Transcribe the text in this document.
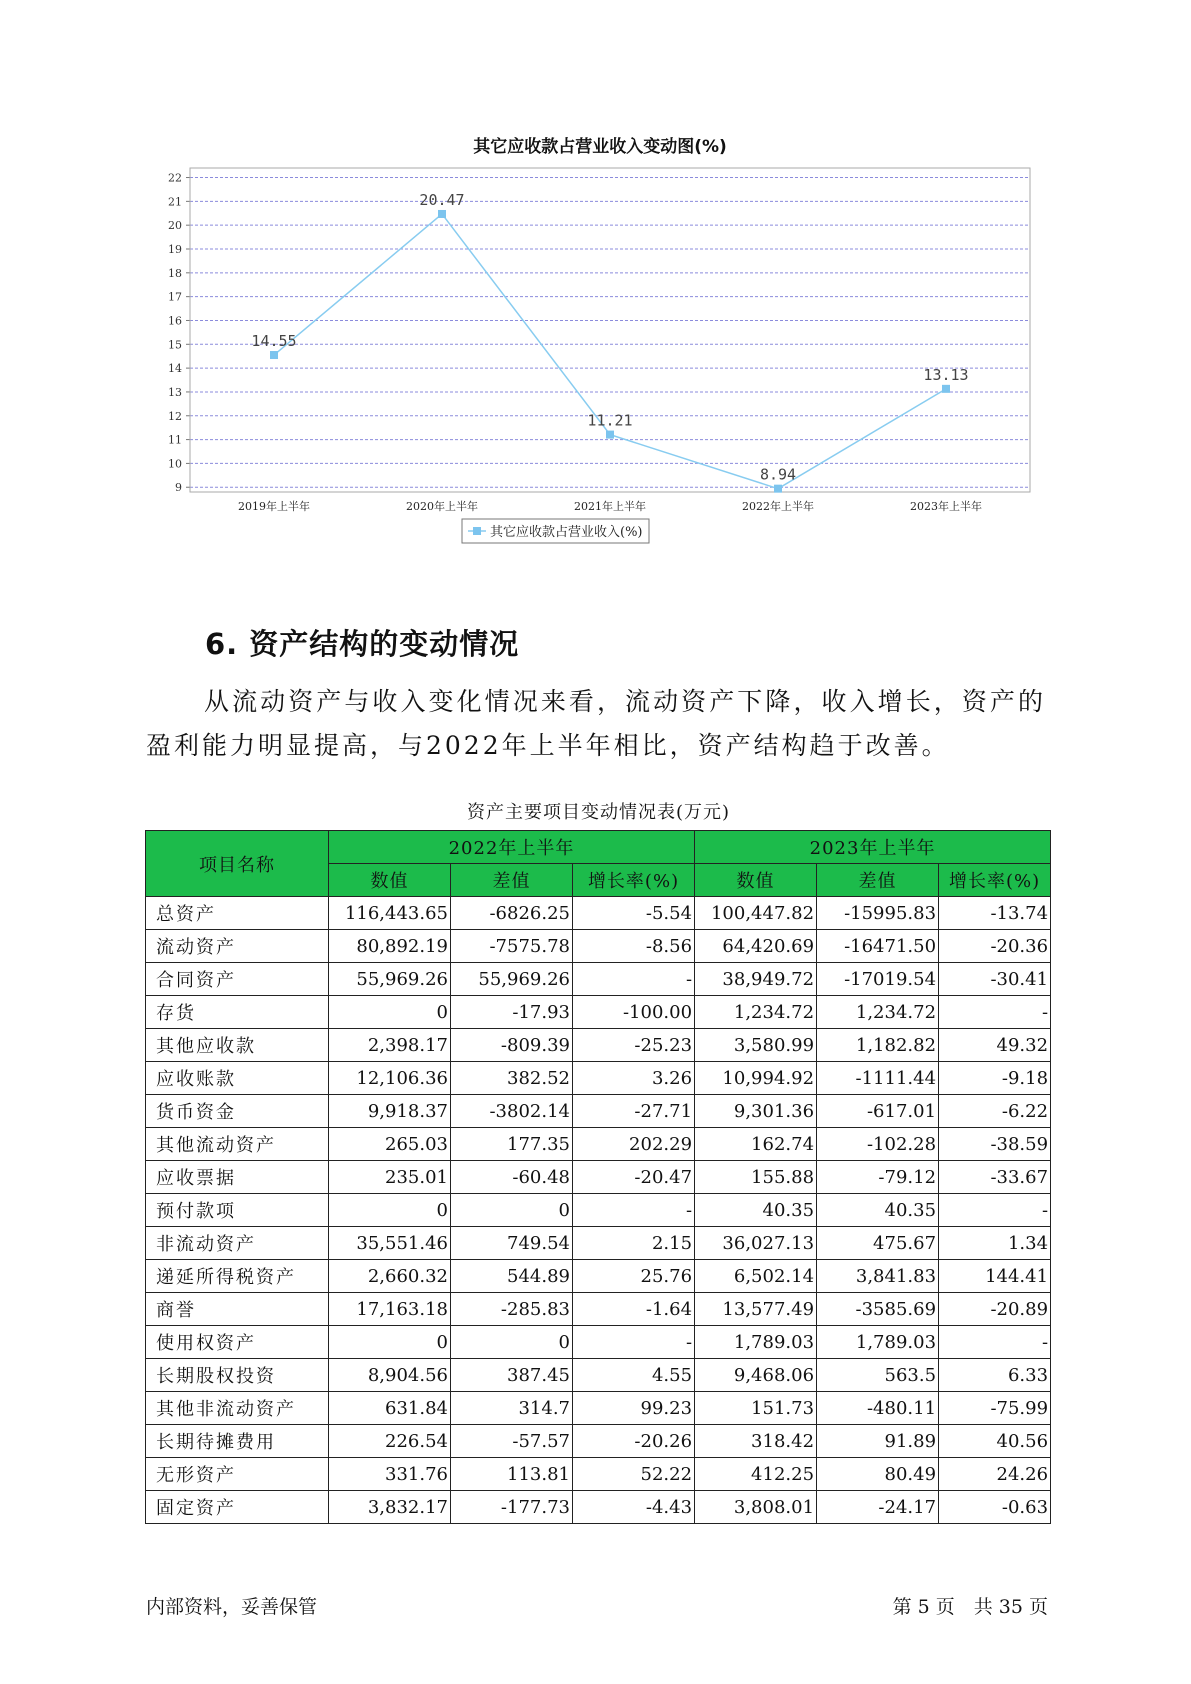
其它应收款占营业收入变动图(%)
9
10
11
12
13
14
15
16
17
18
19
20
21
22
2019年上半年	2020年上半年	2021年上半年	2022年上半年	2023年上半年
14.55
20.47
11.21
8.94
13.13
其它应收款占营业收入(%)
6. 资产结构的变动情况

从流动资产与收入变化情况来看，流动资产下降，收入增长，资产的盈利能力明显提高，与2022年上半年相比，资产结构趋于改善。

资产主要项目变动情况表(万元)
项目名称	2022年上半年			2023年上半年		
	数值	差值	增长率(%)	数值	差值	增长率(%)
总资产	116,443.65	-6826.25	-5.54	100,447.82	-15995.83	-13.74
流动资产	80,892.19	-7575.78	-8.56	64,420.69	-16471.50	-20.36
合同资产	55,969.26	55,969.26	-	38,949.72	-17019.54	-30.41
存货	0	-17.93	-100.00	1,234.72	1,234.72	-
其他应收款	2,398.17	-809.39	-25.23	3,580.99	1,182.82	49.32
应收账款	12,106.36	382.52	3.26	10,994.92	-1111.44	-9.18
货币资金	9,918.37	-3802.14	-27.71	9,301.36	-617.01	-6.22
其他流动资产	265.03	177.35	202.29	162.74	-102.28	-38.59
应收票据	235.01	-60.48	-20.47	155.88	-79.12	-33.67
预付款项	0	0	-	40.35	40.35	-
非流动资产	35,551.46	749.54	2.15	36,027.13	475.67	1.34
递延所得税资产	2,660.32	544.89	25.76	6,502.14	3,841.83	144.41
商誉	17,163.18	-285.83	-1.64	13,577.49	-3585.69	-20.89
使用权资产	0	0	-	1,789.03	1,789.03	-
长期股权投资	8,904.56	387.45	4.55	9,468.06	563.5	6.33
其他非流动资产	631.84	314.7	99.23	151.73	-480.11	-75.99
长期待摊费用	226.54	-57.57	-20.26	318.42	91.89	40.56
无形资产	331.76	113.81	52.22	412.25	80.49	24.26
固定资产	3,832.17	-177.73	-4.43	3,808.01	-24.17	-0.63
内部资料，妥善保管	第 5 页　共 35 页
